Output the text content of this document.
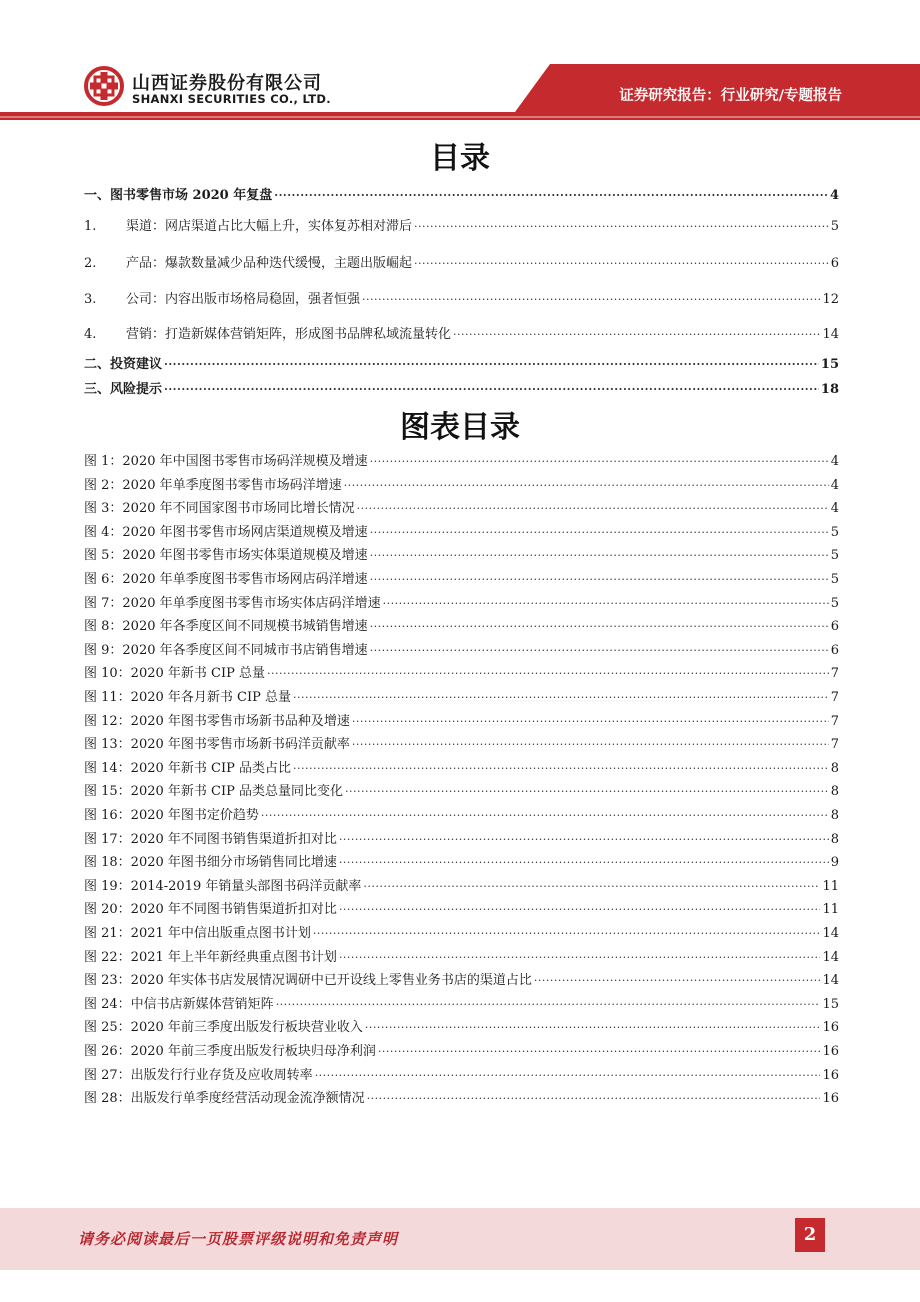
山西证券股份有限公司
SHANXI SECURITIES CO., LTD.	证券研究报告：行业研究/专题报告
目录
一、图书零售市场 2020 年复盘 .....	4
1. 渠道：网店渠道占比大幅上升，实体复苏相对滞后 .....	5
2. 产品：爆款数量减少品种迭代缓慢，主题出版崛起 .....	6
3. 公司：内容出版市场格局稳固，强者恒强 .....	12
4. 营销：打造新媒体营销矩阵，形成图书品牌私域流量转化 .....	14
二、投资建议 .....	15
三、风险提示 .....	18
图表目录
图 1：2020 年中国图书零售市场码洋规模及增速 .....	4
图 2：2020 年单季度图书零售市场码洋增速 .....	4
图 3：2020 年不同国家图书市场同比增长情况 .....	4
图 4：2020 年图书零售市场网店渠道规模及增速 .....	5
图 5：2020 年图书零售市场实体渠道规模及增速 .....	5
图 6：2020 年单季度图书零售市场网店码洋增速 .....	5
图 7：2020 年单季度图书零售市场实体店码洋增速 .....	5
图 8：2020 年各季度区间不同规模书城销售增速 .....	6
图 9：2020 年各季度区间不同城市书店销售增速 .....	6
图 10：2020 年新书 CIP 总量 .....	7
图 11：2020 年各月新书 CIP 总量 .....	7
图 12：2020 年图书零售市场新书品种及增速 .....	7
图 13：2020 年图书零售市场新书码洋贡献率 .....	7
图 14：2020 年新书 CIP 品类占比 .....	8
图 15：2020 年新书 CIP 品类总量同比变化 .....	8
图 16：2020 年图书定价趋势 .....	8
图 17：2020 年不同图书销售渠道折扣对比 .....	8
图 18：2020 年图书细分市场销售同比增速 .....	9
图 19：2014-2019 年销量头部图书码洋贡献率 .....	11
图 20：2020 年不同图书销售渠道折扣对比 .....	11
图 21：2021 年中信出版重点图书计划 .....	14
图 22：2021 年上半年新经典重点图书计划 .....	14
图 23：2020 年实体书店发展情况调研中已开设线上零售业务书店的渠道占比 .....	14
图 24：中信书店新媒体营销矩阵 .....	15
图 25：2020 年前三季度出版发行板块营业收入 .....	16
图 26：2020 年前三季度出版发行板块归母净利润 .....	16
图 27：出版发行行业存货及应收周转率 .....	16
图 28：出版发行单季度经营活动现金流净额情况 .....	16
请务必阅读最后一页股票评级说明和免责声明	2
